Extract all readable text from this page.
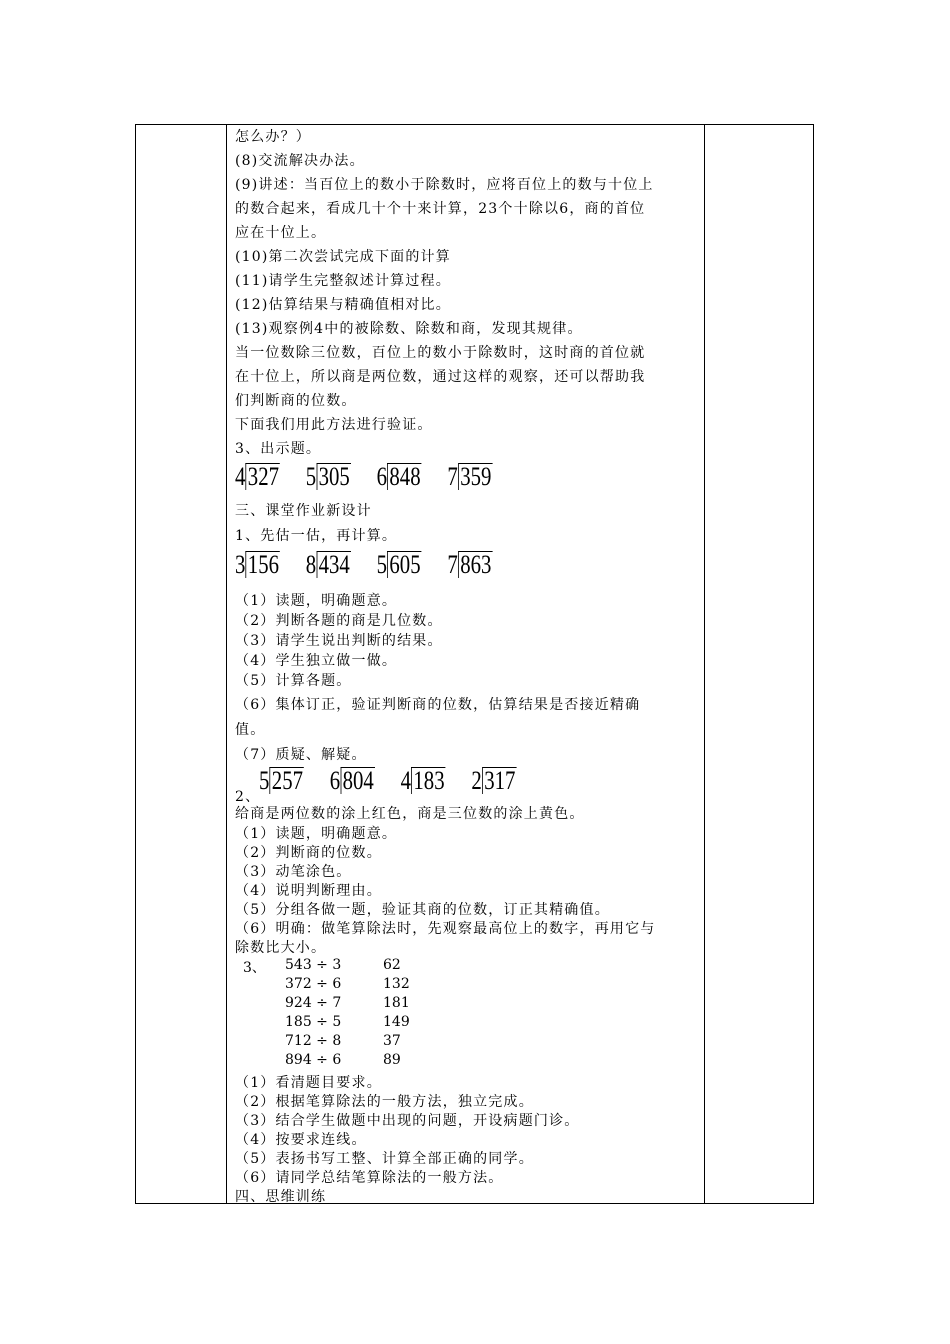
怎么办？）
(8)交流解决办法。
(9)讲述：当百位上的数小于除数时，应将百位上的数与十位上
的数合起来，看成几十个十来计算，23个十除以6，商的首位
应在十位上。
(10)第二次尝试完成下面的计算
(11)请学生完整叙述计算过程。
(12)估算结果与精确值相对比。
(13)观察例4中的被除数、除数和商，发现其规律。
当一位数除三位数，百位上的数小于除数时，这时商的首位就
在十位上，所以商是两位数，通过这样的观察，还可以帮助我
们判断商的位数。
下面我们用此方法进行验证。
3、出示题。
4327 5305 6848 7359
三、课堂作业新设计
1、先估一估，再计算。
3156 8434 5605 7863
（1）读题，明确题意。
（2）判断各题的商是几位数。
（3）请学生说出判断的结果。
（4）学生独立做一做。
（5）计算各题。
（6）集体订正，验证判断商的位数，估算结果是否接近精确
值。
（7）质疑、解疑。
2、
5257 6804 4183 2317
给商是两位数的涂上红色，商是三位数的涂上黄色。
（1）读题，明确题意。
（2）判断商的位数。
（3）动笔涂色。
（4）说明判断理由。
（5）分组各做一题，验证其商的位数，订正其精确值。
（6）明确：做笔算除法时，先观察最高位上的数字，再用它与
除数比大小。
3、 543 ÷ 3	62
372 ÷ 6	132
924 ÷ 7	181
185 ÷ 5	149
712 ÷ 8	37
894 ÷ 6	89
（1）看清题目要求。
（2）根据笔算除法的一般方法，独立完成。
（3）结合学生做题中出现的问题，开设病题门诊。
（4）按要求连线。
（5）表扬书写工整、计算全部正确的同学。
（6）请同学总结笔算除法的一般方法。
四、思维训练
